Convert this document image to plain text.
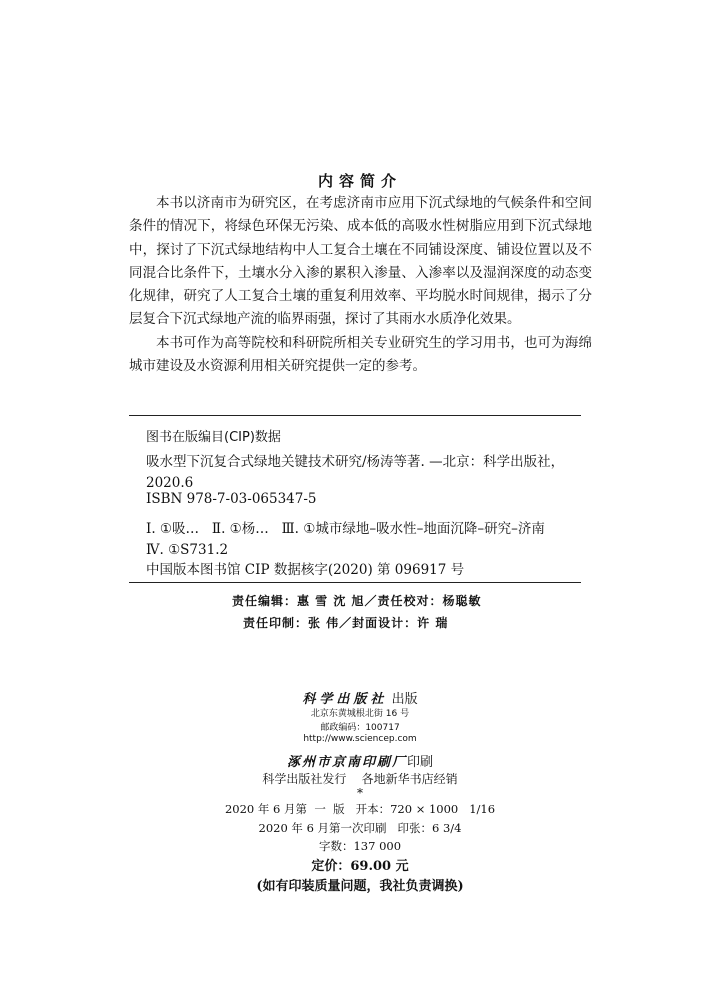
内容简介

本书以济南市为研究区，在考虑济南市应用下沉式绿地的气候条件和空间条件的情况下，将绿色环保无污染、成本低的高吸水性树脂应用到下沉式绿地中，探讨了下沉式绿地结构中人工复合土壤在不同铺设深度、铺设位置以及不同混合比条件下，土壤水分入渗的累积入渗量、入渗率以及湿润深度的动态变化规律，研究了人工复合土壤的重复利用效率、平均脱水时间规律，揭示了分层复合下沉式绿地产流的临界雨强，探讨了其雨水水质净化效果。

本书可作为高等院校和科研院所相关专业研究生的学习用书，也可为海绵城市建设及水资源利用相关研究提供一定的参考。

图书在版编目(CIP)数据
吸水型下沉复合式绿地关键技术研究/杨涛等著. —北京：科学出版社，
2020.6
ISBN 978-7-03-065347-5
Ⅰ. ①吸…   Ⅱ. ①杨…   Ⅲ. ①城市绿地–吸水性–地面沉降–研究–济南
Ⅳ. ①S731.2
中国版本图书馆 CIP 数据核字(2020) 第 096917 号
责任编辑：惠 雪 沈 旭／责任校对：杨聪敏
责任印制：张 伟／封面设计：许 瑞
科学出版社 出版
北京东黄城根北街 16 号
邮政编码：100717
http://www.sciencep.com
涿州市京南印刷厂印刷
科学出版社发行    各地新华书店经销
*
2020 年 6 月第  一  版   开本：720 × 1000   1/16
2020 年 6 月第一次印刷   印张：6 3/4
字数：137 000
定价：69.00 元
(如有印装质量问题，我社负责调换)
